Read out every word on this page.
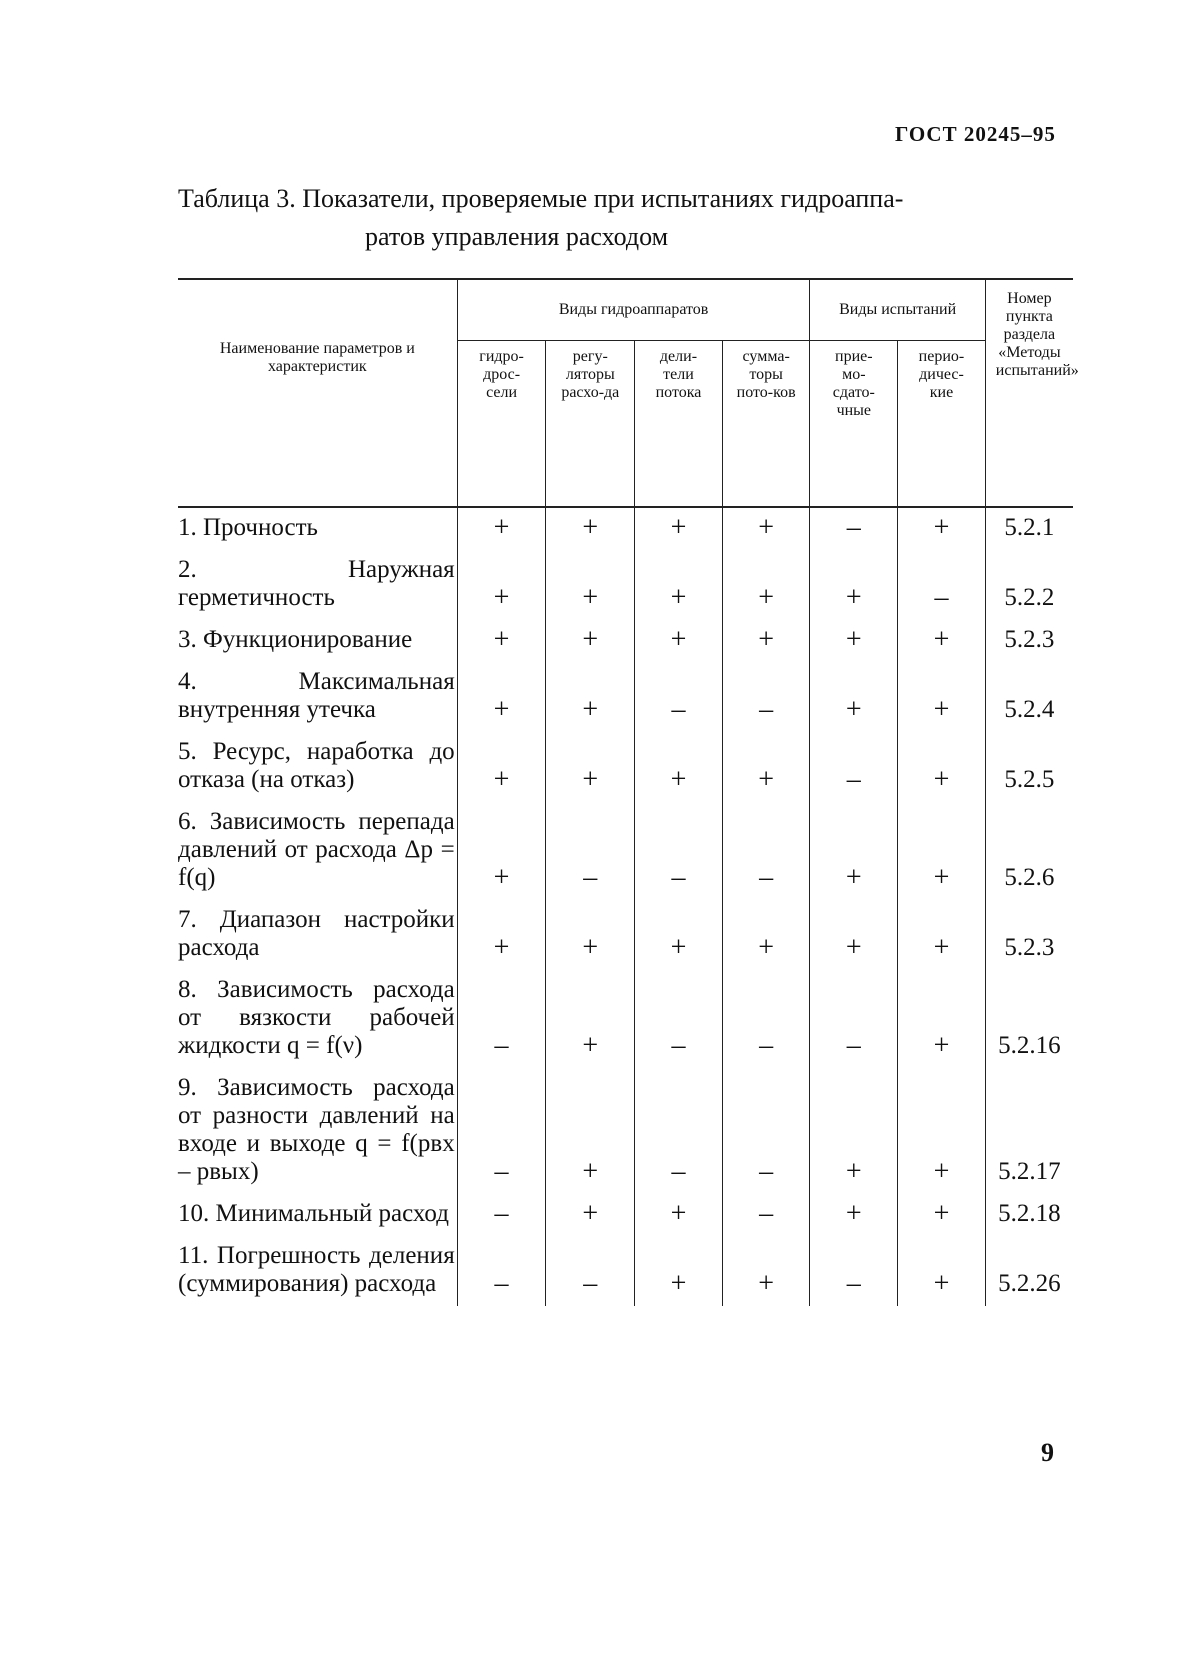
ГОСТ 20245–95
Таблица 3. Показатели, проверяемые при испытаниях гидроаппа-
ратов управления расходом
Наименование параметров и характеристик	Виды гидроаппаратов				Виды испытаний		Номер пункта раздела «Методы испытаний»
	гидро-дрос-сели	регу-ляторы расхо-да	дели-тели потока	сумма-торы пото-ков	прие-мо-сдато-чные	перио-дичес-кие	
1. Прочность	+	+	+	+	–	+	5.2.1
2. Наружная герметичность	+	+	+	+	+	–	5.2.2
3. Функционирование	+	+	+	+	+	+	5.2.3
4. Максимальная внутренняя утечка	+	+	–	–	+	+	5.2.4
5. Ресурс, наработка до отказа (на отказ)	+	+	+	+	–	+	5.2.5
6. Зависимость перепада давлений от расхода Δp = f(q)	+	–	–	–	+	+	5.2.6
7. Диапазон настройки расхода	+	+	+	+	+	+	5.2.3
8. Зависимость расхода от вязкости рабочей жидкости q = f(ν)	–	+	–	–	–	+	5.2.16
9. Зависимость расхода от разности давлений на входе и выходе q = f(pвх – pвых)	–	+	–	–	+	+	5.2.17
10. Минимальный расход	–	+	+	–	+	+	5.2.18
11. Погрешность деления (суммирования) расхода	–	–	+	+	–	+	5.2.26
9
